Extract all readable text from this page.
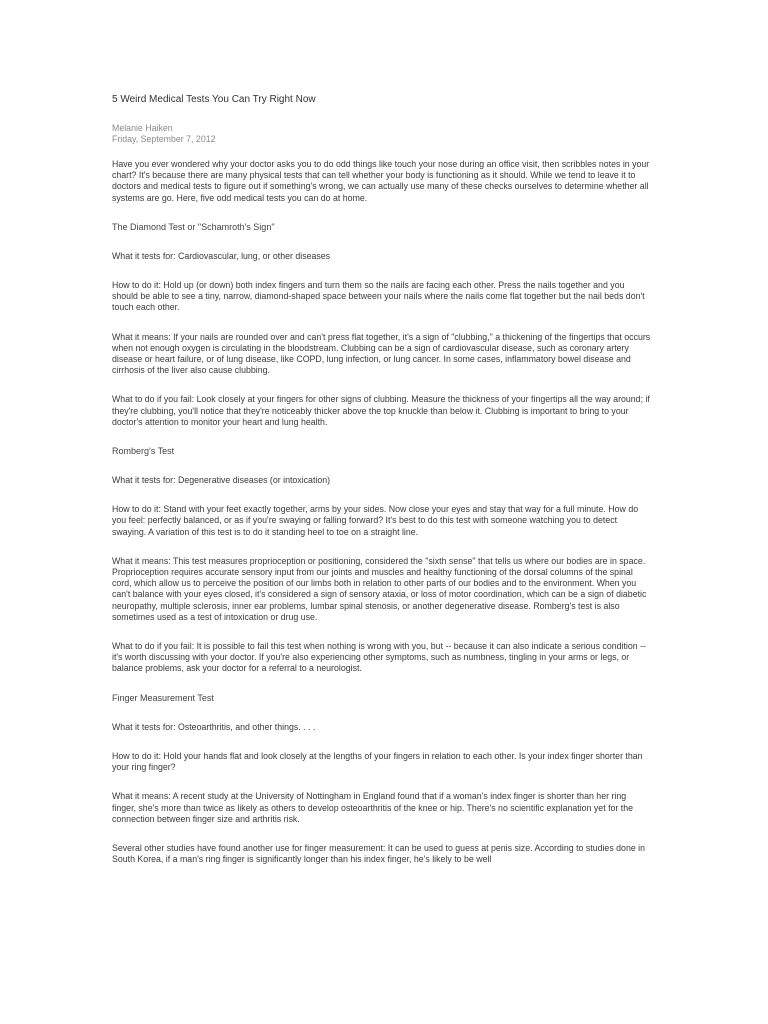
5 Weird Medical Tests You Can Try Right Now
Melanie Haiken
Friday, September 7, 2012

Have you ever wondered why your doctor asks you to do odd things like touch your nose during an office visit, then scribbles notes in your chart? It's because there are many physical tests that can tell whether your body is functioning as it should. While we tend to leave it to doctors and medical tests to figure out if something's wrong, we can actually use many of these checks ourselves to determine whether all systems are go. Here, five odd medical tests you can do at home.

The Diamond Test or "Schamroth's Sign"

What it tests for: Cardiovascular, lung, or other diseases

How to do it: Hold up (or down) both index fingers and turn them so the nails are facing each other. Press the nails together and you should be able to see a tiny, narrow, diamond-shaped space between your nails where the nails come flat together but the nail beds don't touch each other.

What it means: If your nails are rounded over and can't press flat together, it's a sign of "clubbing," a thickening of the fingertips that occurs when not enough oxygen is circulating in the bloodstream. Clubbing can be a sign of cardiovascular disease, such as coronary artery disease or heart failure, or of lung disease, like COPD, lung infection, or lung cancer. In some cases, inflammatory bowel disease and cirrhosis of the liver also cause clubbing.

What to do if you fail: Look closely at your fingers for other signs of clubbing. Measure the thickness of your fingertips all the way around; if they're clubbing, you'll notice that they're noticeably thicker above the top knuckle than below it. Clubbing is important to bring to your doctor's attention to monitor your heart and lung health.

Romberg's Test

What it tests for: Degenerative diseases (or intoxication)

How to do it: Stand with your feet exactly together, arms by your sides. Now close your eyes and stay that way for a full minute. How do you feel: perfectly balanced, or as if you're swaying or falling forward? It's best to do this test with someone watching you to detect swaying. A variation of this test is to do it standing heel to toe on a straight line.

What it means: This test measures proprioception or positioning, considered the "sixth sense" that tells us where our bodies are in space. Proprioception requires accurate sensory input from our joints and muscles and healthy functioning of the dorsal columns of the spinal cord, which allow us to perceive the position of our limbs both in relation to other parts of our bodies and to the environment. When you can't balance with your eyes closed, it's considered a sign of sensory ataxia, or loss of motor coordination, which can be a sign of diabetic neuropathy, multiple sclerosis, inner ear problems, lumbar spinal stenosis, or another degenerative disease. Romberg's test is also sometimes used as a test of intoxication or drug use.

What to do if you fail: It is possible to fail this test when nothing is wrong with you, but -- because it can also indicate a serious condition -- it's worth discussing with your doctor. If you're also experiencing other symptoms, such as numbness, tingling in your arms or legs, or balance problems, ask your doctor for a referral to a neurologist.

Finger Measurement Test

What it tests for: Osteoarthritis, and other things. . . .

How to do it: Hold your hands flat and look closely at the lengths of your fingers in relation to each other. Is your index finger shorter than your ring finger?

What it means: A recent study at the University of Nottingham in England found that if a woman's index finger is shorter than her ring finger, she's more than twice as likely as others to develop osteoarthritis of the knee or hip. There's no scientific explanation yet for the connection between finger size and arthritis risk.

Several other studies have found another use for finger measurement: It can be used to guess at penis size. According to studies done in South Korea, if a man's ring finger is significantly longer than his index finger, he's likely to be well
